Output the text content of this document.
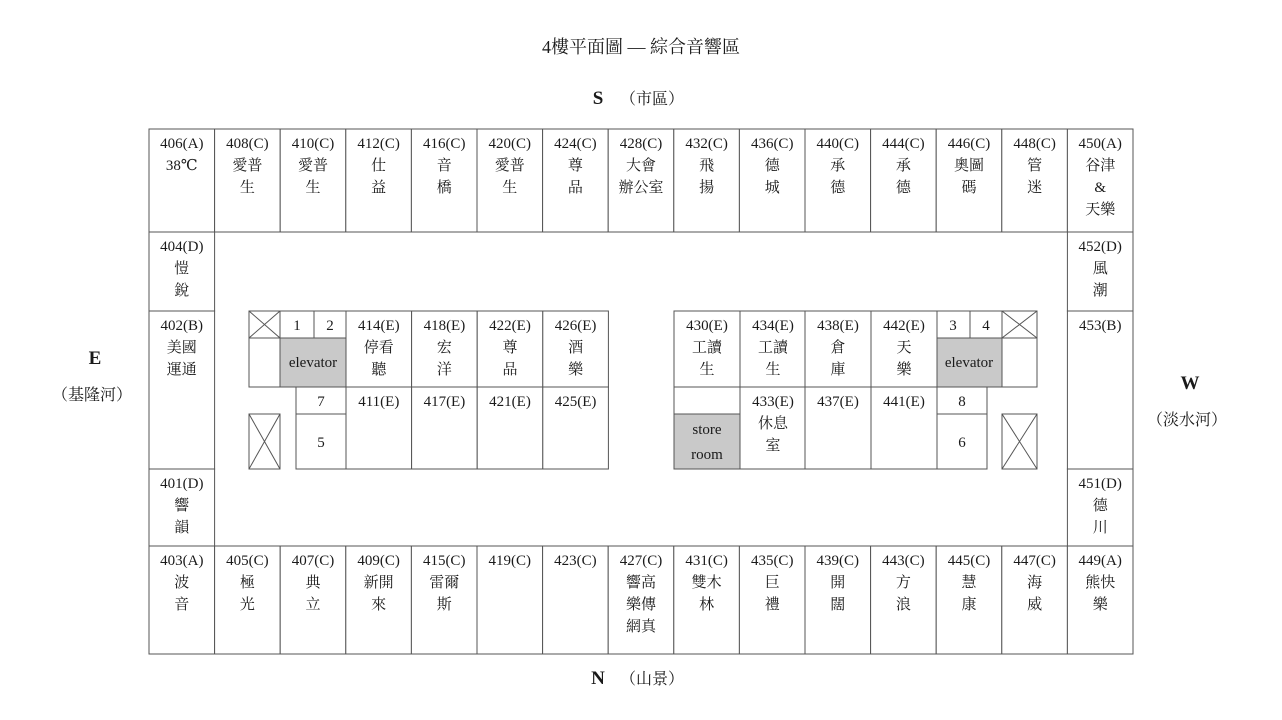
4樓平面圖 — 綜合音響區
S （市區）
N （山景）
E
（基隆河）
W
（淡水河）
406(A)
38℃
408(C)
愛普
生
410(C)
愛普
生
412(C)
仕
益
416(C)
音
橋
420(C)
愛普
生
424(C)
尊
品
428(C)
大會
辦公室
432(C)
飛
揚
436(C)
德
城
440(C)
承
德
444(C)
承
德
446(C)
奧圖
碼
448(C)
管
迷
450(A)
谷津
&
天樂
403(A)
波
音
405(C)
極
光
407(C)
典
立
409(C)
新開
來
415(C)
雷爾
斯
419(C) 423(C) 427(C)
響高
樂傳
網真
431(C)
雙木
林
435(C)
巨
禮
439(C)
開
闊
443(C)
方
浪
445(C)
慧
康
447(C)
海
威
449(A)
熊快
樂
404(D)
愷
銳
402(B)
美國
運通
401(D)
響
韻
452(D)
風
潮
453(B)
451(D)
德
川
414(E)
停看
聽
418(E)
宏
洋
422(E)
尊
品
426(E)
酒
樂
411(E) 417(E) 421(E) 425(E)
430(E)
工讀
生
434(E)
工讀
生
438(E)
倉
庫
442(E)
天
樂
433(E)
休息
室
437(E) 441(E)
1 2
elevator
7
5
3 4
elevator
8
6
store
room
